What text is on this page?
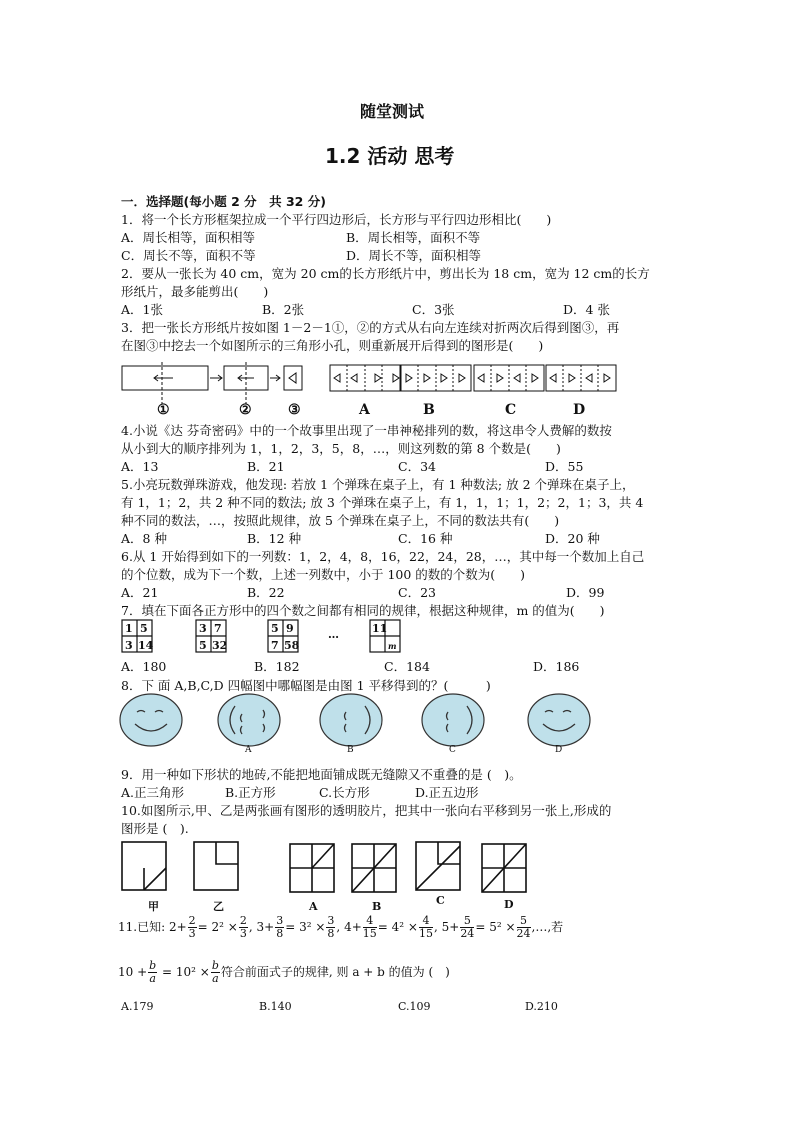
随堂测试
1.2 活动 思考
一．选择题(每小题 2 分　共 32 分)
1．将一个长方形框架拉成一个平行四边形后，长方形与平行四边形相比(　　)
A．周长相等，面积相等	B．周长相等，面积不等
C．周长不等，面积不等	D．周长不等，面积相等
2．要从一张长为 40 cm，宽为 20 cm的长方形纸片中，剪出长为 18 cm，宽为 12 cm的长方
形纸片，最多能剪出(　　)
A．1张	B．2张	C．3张	D．4 张
3．把一张长方形纸片按如图 1－2－1①，②的方式从右向左连续对折两次后得到图③，再
在图③中挖去一个如图所示的三角形小孔，则重新展开后得到的图形是(　　)
①	②	③	A	B	C	D
4.小说《达 芬奇密码》中的一个故事里出现了一串神秘排列的数，将这串令人费解的数按
从小到大的顺序排列为 1，1，2，3，5，8，…，则这列数的第 8 个数是(　　)
A．13	B．21	C．34	D．55
5.小亮玩数弹珠游戏，他发现: 若放 1 个弹珠在桌子上，有 1 种数法; 放 2 个弹珠在桌子上，
有 1，1；2，共 2 种不同的数法; 放 3 个弹珠在桌子上，有 1，1，1；1，2；2，1；3，共 4
种不同的数法，…，按照此规律，放 5 个弹珠在桌子上，不同的数法共有(　　)
A．8 种	B．12 种	C．16 种	D．20 种
6.从 1 开始得到如下的一列数：1，2，4，8，16，22，24，28，…，其中每一个数加上自己
的个位数，成为下一个数，上述一列数中，小于 100 的数的个数为(　　)
A．21	B．22	C．23	D．99
7．填在下面各正方形中的四个数之间都有相同的规律，根据这种规律，m 的值为(　　)
1 5
3 14
3 7
5 32
5 9
7 58
…	11
m
A．180	B．182	C．184	D．186
8．下 面 A,B,C,D 四幅图中哪幅图是由图 1 平移得到的？(　　　)
A	B	C	D
9．用一种如下形状的地砖,不能把地面铺成既无缝隙又不重叠的是 (　)。
A.正三角形	B.正方形	C.长方形	D.正五边形
10.如图所示,甲、乙是两张画有图形的透明胶片，把其中一张向右平移到另一张上,形成的
图形是 (　).
甲	乙	A	B	C	D
11.已知: $2+ \frac{2}{3} = 2^2 \times \frac{2}{3}$ , $3+ \frac{3}{8} = 3^2 \times \frac{3}{8}$ , $4+ \frac{4}{15} = 4^2 \times \frac{4}{15}$ , $5+ \frac{5}{24} = 5^2 \times \frac{5}{24}$ ,…,若
$10 + \frac{b}{a} = 10^2 \times \frac{b}{a}$ 符合前面式子的规律, 则 a + b 的值为 (　)
A.179	B.140	C.109	D.210
